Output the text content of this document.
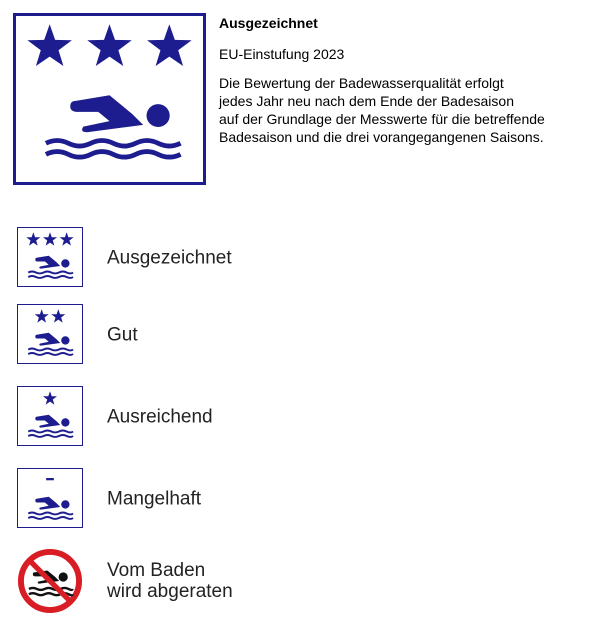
Ausgezeichnet

EU-Einstufung 2023

Die Bewertung der Badewasserqualität erfolgt
jedes Jahr neu nach dem Ende der Badesaison
auf der Grundlage der Messwerte für die betreffende
Badesaison und die drei vorangegangenen Saisons.

Ausgezeichnet
Gut
Ausreichend
Mangelhaft
Vom Baden
wird abgeraten
